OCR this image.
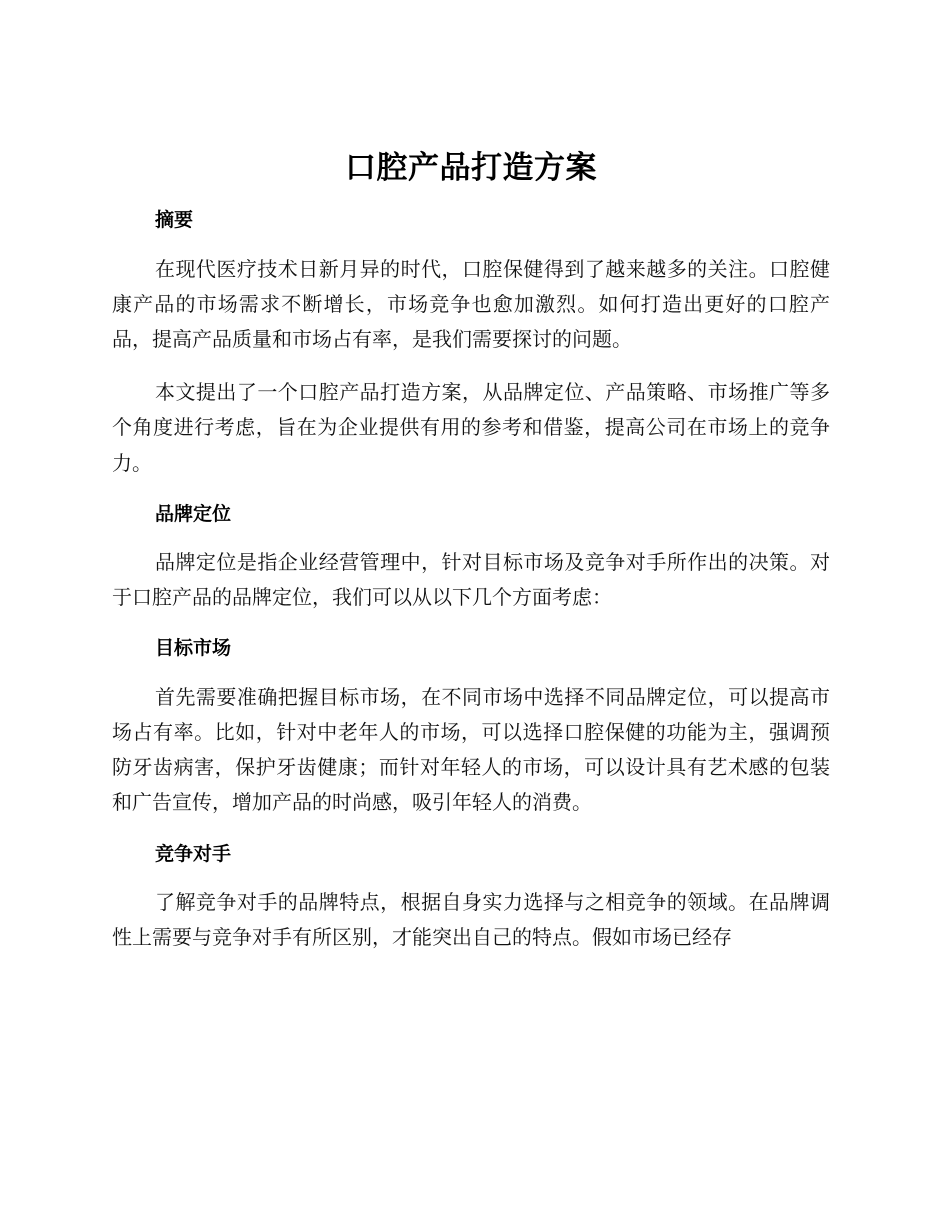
口腔产品打造方案
摘要

在现代医疗技术日新月异的时代，口腔保健得到了越来越多的关注。口腔健康产品的市场需求不断增长，市场竞争也愈加激烈。如何打造出更好的口腔产品，提高产品质量和市场占有率，是我们需要探讨的问题。

本文提出了一个口腔产品打造方案，从品牌定位、产品策略、市场推广等多个角度进行考虑，旨在为企业提供有用的参考和借鉴，提高公司在市场上的竞争力。

品牌定位

品牌定位是指企业经营管理中，针对目标市场及竞争对手所作出的决策。对于口腔产品的品牌定位，我们可以从以下几个方面考虑：

目标市场

首先需要准确把握目标市场，在不同市场中选择不同品牌定位，可以提高市场占有率。比如，针对中老年人的市场，可以选择口腔保健的功能为主，强调预防牙齿病害，保护牙齿健康；而针对年轻人的市场，可以设计具有艺术感的包装和广告宣传，增加产品的时尚感，吸引年轻人的消费。

竞争对手

了解竞争对手的品牌特点，根据自身实力选择与之相竞争的领域。在品牌调性上需要与竞争对手有所区别，才能突出自己的特点。假如市场已经存
